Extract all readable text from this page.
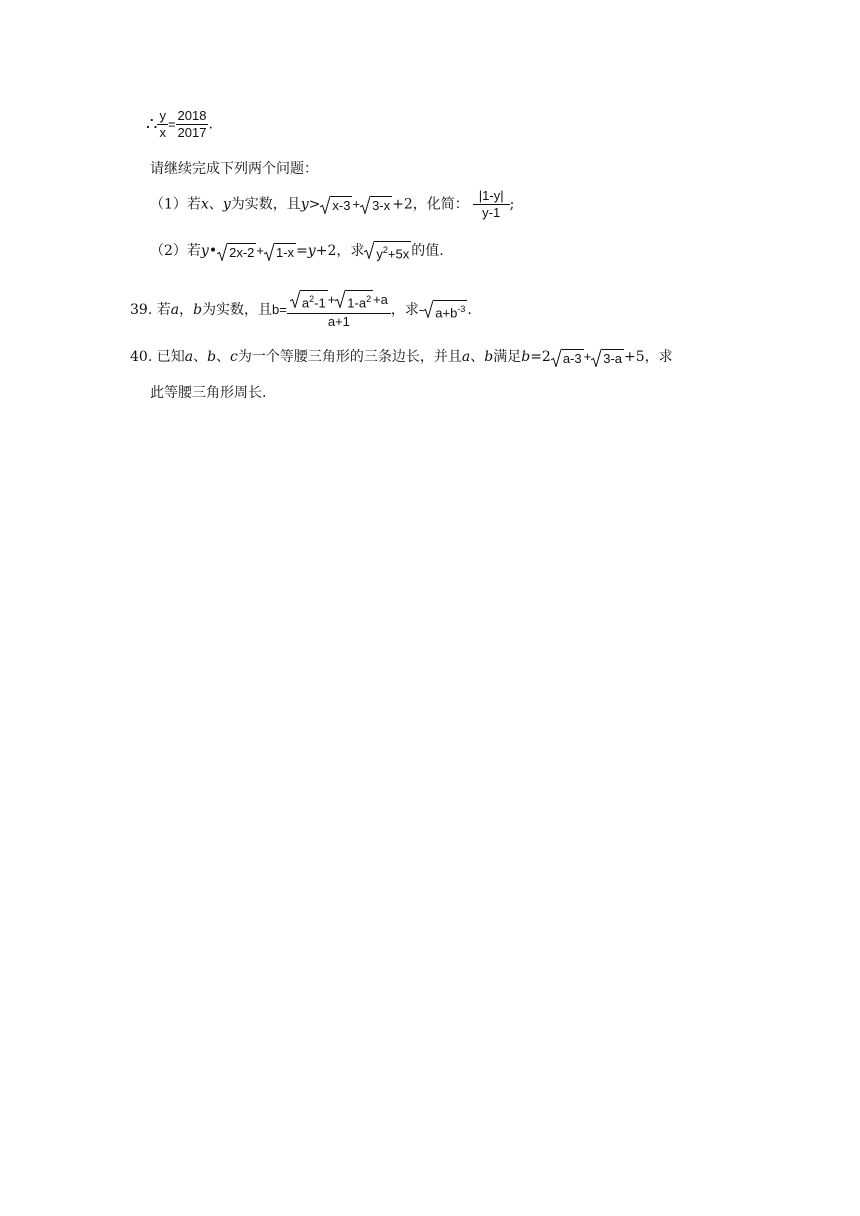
∴ $\frac{y}{x} = \frac{2018}{2017}$ .
请继续完成下列两个问题：
（1）若x、y为实数，且y> x-3 + 3-x +2，化简： $\frac{|1-y|}{y-1}$ ;
（2）若y• 2x-2 + 1-x =y+2，求 $y^2+5x$ 的值.
39. 若a，b为实数，且$b= \frac{a^2-1 + 1-a^2 +a}{a+1}$ ，求- $a+b^{-3}$ .
40. 已知a、b、c为一个等腰三角形的三条边长，并且a、b满足b=2 a-3 + 3-a +5，求
此等腰三角形周长.
